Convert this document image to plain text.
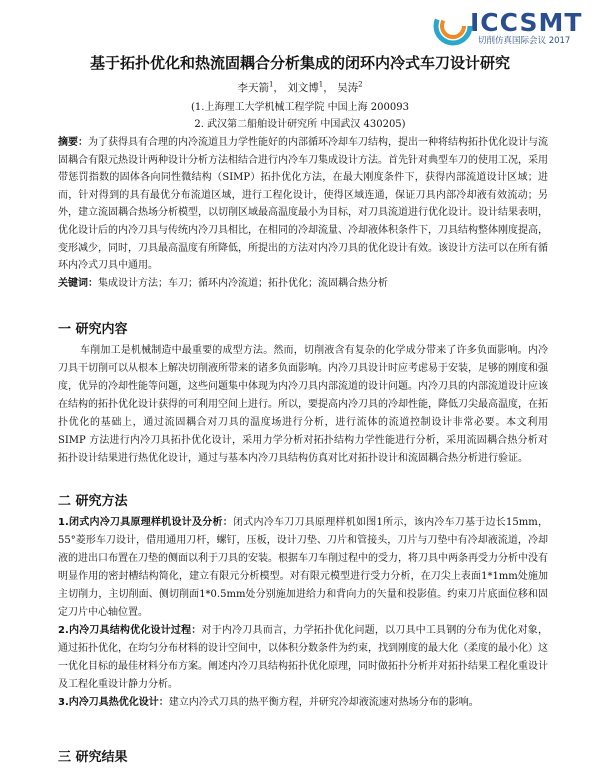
ICCSMT
切削仿真国际会议 2017
基于拓扑优化和热流固耦合分析集成的闭环内冷式车刀设计研究
李天箭$^1$， 刘文博$^1$， 吴涛$^2$
(1.上海理工大学机械工程学院 中国上海 200093
2. 武汉第二船舶设计研究所 中国武汉 430205)

摘要：为了获得具有合理的内冷流道且力学性能好的内部循环冷却车刀结构，提出一种将结构拓扑优化设计与流固耦合有限元热设计两种设计分析方法相结合进行内冷车刀集成设计方法。首先针对典型车刀的使用工况，采用带惩罚指数的固体各向同性微结构（SIMP）拓扑优化方法，在最大刚度条件下，获得内部流道设计区域；进而，针对得到的具有最优分布流道区域，进行工程化设计，使得区域连通，保证刀具内部冷却液有效流动；另外，建立流固耦合热场分析模型，以切削区域最高温度最小为目标，对刀具流道进行优化设计。设计结果表明，优化设计后的内冷刀具与传统内冷刀具相比，在相同的冷却流量、冷却液体积条件下，刀具结构整体刚度提高，变形减少，同时，刀具最高温度有所降低，所提出的方法对内冷刀具的优化设计有效。该设计方法可以在所有循环内冷式刀具中通用。

关键词：集成设计方法；车刀；循环内冷流道；拓扑优化；流固耦合热分析

一 研究内容
车削加工是机械制造中最重要的成型方法。然而，切削液含有复杂的化学成分带来了许多负面影响。内冷刀具干切削可以从根本上解决切削液所带来的诸多负面影响。内冷刀具设计时应考虑易于安装，足够的刚度和强度，优异的冷却性能等问题，这些问题集中体现为内冷刀具内部流道的设计问题。内冷刀具的内部流道设计应该在结构的拓扑优化设计获得的可利用空间上进行。所以，要提高内冷刀具的冷却性能，降低刀尖最高温度，在拓扑优化的基础上，通过流固耦合对刀具的温度场进行分析，进行流体的流道控制设计非常必要。本文利用 SIMP 方法进行内冷刀具拓扑优化设计，采用力学分析对拓扑结构力学性能进行分析，采用流固耦合热分析对拓扑设计结果进行热优化设计，通过与基本内冷刀具结构仿真对比对拓扑设计和流固耦合热分析进行验证。
二 研究方法

1.闭式内冷刀具原理样机设计及分析：闭式内冷车刀刀具原理样机如图1所示，该内冷车刀基于边长15mm，55°菱形车刀设计，借用通用刀杆，螺钉，压板，设计刀垫、刀片和管接头，刀片与刀垫中有冷却液流道，冷却液的进出口布置在刀垫的侧面以利于刀具的安装。根据车刀车削过程中的受力，将刀具中两条再受力分析中没有明显作用的密封槽结构简化，建立有限元分析模型。对有限元模型进行受力分析，在刀尖上表面1*1mm处施加主切削力，主切削面、侧切削面1*0.5mm处分别施加进给力和背向力的矢量和投影值。约束刀片底面位移和固定刀片中心轴位置。

2.内冷刀具结构优化设计过程：对于内冷刀具而言，力学拓扑优化问题，以刀具中工具钢的分布为优化对象，通过拓扑优化，在均匀分布材料的设计空间中，以体积分数条件为约束，找到刚度的最大化（柔度的最小化）这一优化目标的最佳材料分布方案。阐述内冷刀具结构拓扑优化原理，同时做拓扑分析并对拓扑结果工程化重设计及工程化重设计静力分析。

3.内冷刀具热优化设计：建立内冷式刀具的热平衡方程，并研究冷却液流速对热场分布的影响。

三 研究结果
